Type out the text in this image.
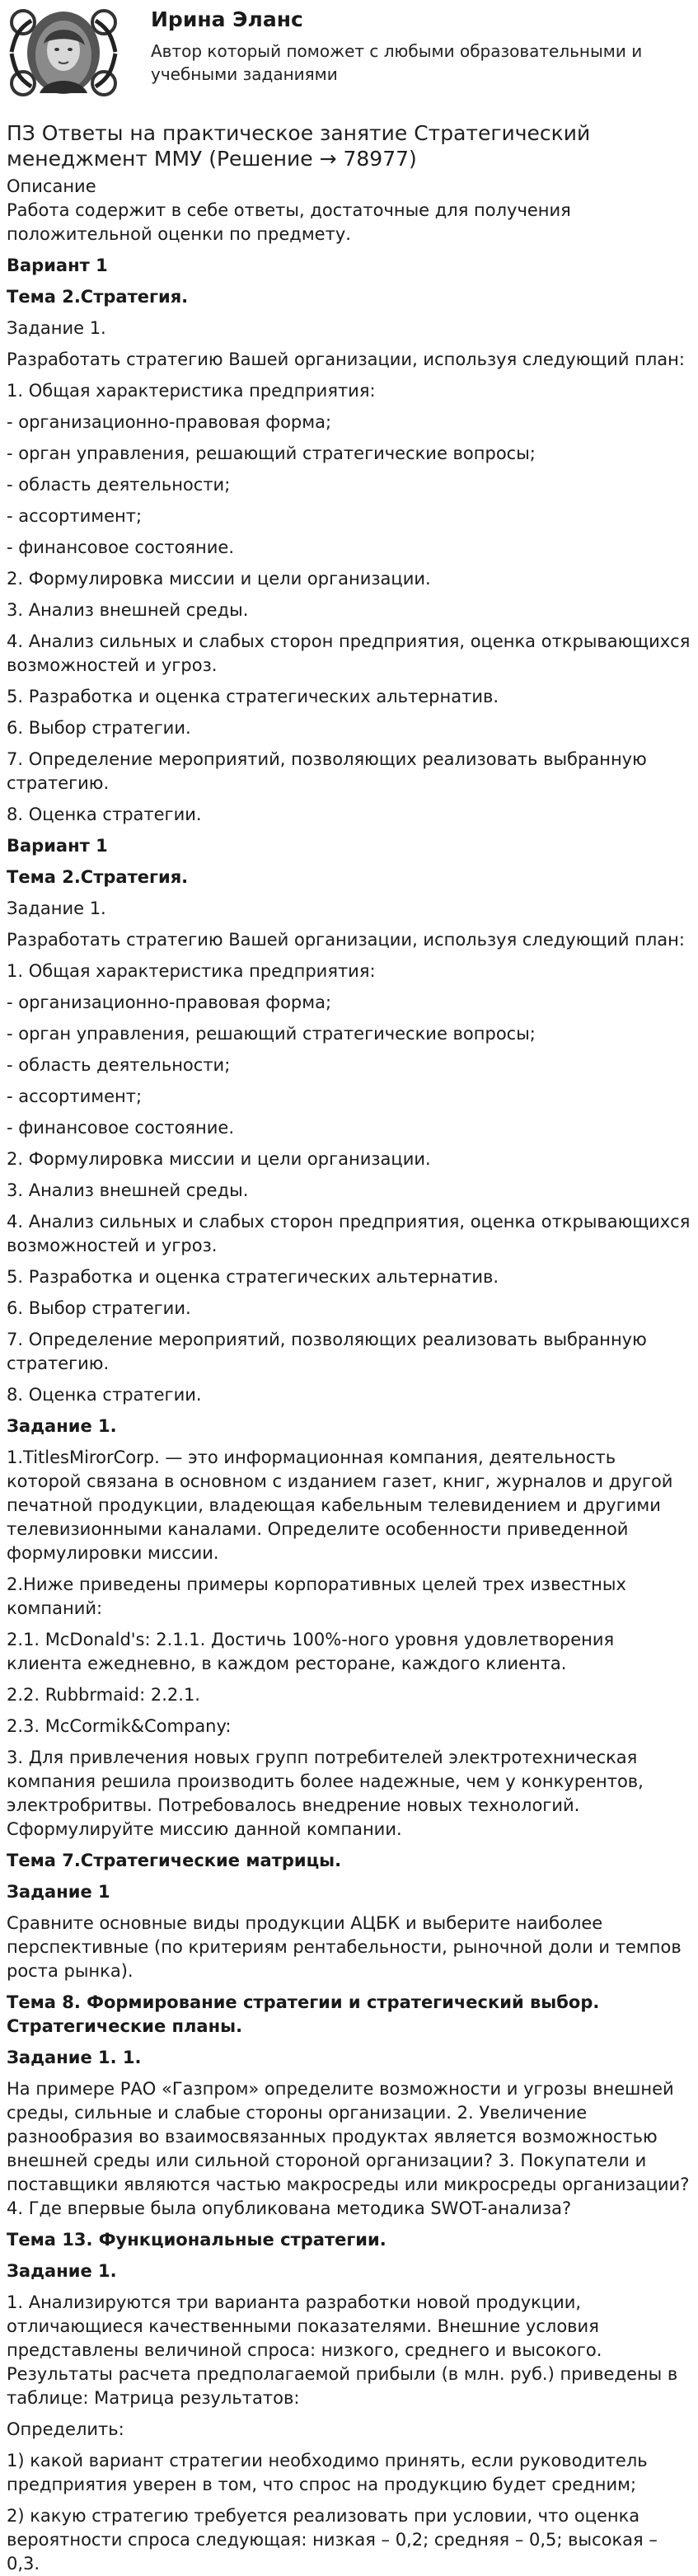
Ирина Эланс
Автор который поможет с любыми образовательными и учебными заданиями
ПЗ Ответы на практическое занятие Стратегический менеджмент ММУ (Решение → 78977)
Описание
Работа содержит в себе ответы, достаточные для получения положительной оценки по предмету.
Вариант 1
Тема 2.Стратегия.
Задание 1.
Разработать стратегию Вашей организации, используя следующий план:
1. Общая характеристика предприятия:
- организационно-правовая форма;
- орган управления, решающий стратегические вопросы;
- область деятельности;
- ассортимент;
- финансовое состояние.
2. Формулировка миссии и цели организации.
3. Анализ внешней среды.
4. Анализ сильных и слабых сторон предприятия, оценка открывающихся возможностей и угроз.
5. Разработка и оценка стратегических альтернатив.
6. Выбор стратегии.
7. Определение мероприятий, позволяющих реализовать выбранную стратегию.
8. Оценка стратегии.
Вариант 1
Тема 2.Стратегия.
Задание 1.
Разработать стратегию Вашей организации, используя следующий план:
1. Общая характеристика предприятия:
- организационно-правовая форма;
- орган управления, решающий стратегические вопросы;
- область деятельности;
- ассортимент;
- финансовое состояние.
2. Формулировка миссии и цели организации.
3. Анализ внешней среды.
4. Анализ сильных и слабых сторон предприятия, оценка открывающихся возможностей и угроз.
5. Разработка и оценка стратегических альтернатив.
6. Выбор стратегии.
7. Определение мероприятий, позволяющих реализовать выбранную стратегию.
8. Оценка стратегии.
Задание 1.
1.TitlesMirorCorp. — это информационная компания, деятельность которой связана в основном с изданием газет, книг, журналов и другой печатной продукции, владеющая кабельным телевидением и другими телевизионными каналами. Определите особенности приведенной формулировки миссии.
2.Ниже приведены примеры корпоративных целей трех известных компаний:
2.1. McDonald's: 2.1.1. Достичь 100%-ного уровня удовлетворения клиента ежедневно, в каждом ресторане, каждого клиента.
2.2. Rubbrmaid: 2.2.1.
2.3. McCormik&Company:
3. Для привлечения новых групп потребителей электротехническая компания решила производить более надежные, чем у конкурентов, электробритвы. Потребовалось внедрение новых технологий. Сформулируйте миссию данной компании.
Тема 7.Стратегические матрицы.
Задание 1
Сравните основные виды продукции АЦБК и выберите наиболее перспективные (по критериям рентабельности, рыночной доли и темпов роста рынка).
Тема 8. Формирование стратегии и стратегический выбор. Стратегические планы.
Задание 1. 1.
На примере РАО «Газпром» определите возможности и угрозы внешней среды, сильные и слабые стороны организации. 2. Увеличение разнообразия во взаимосвязанных продуктах является возможностью внешней среды или сильной стороной организации? 3. Покупатели и поставщики являются частью макросреды или микросреды организации? 4. Где впервые была опубликована методика SWOT-анализа?
Тема 13. Функциональные стратегии.
Задание 1.
1. Анализируются три варианта разработки новой продукции, отличающиеся качественными показателями. Внешние условия представлены величиной спроса: низкого, среднего и высокого. Результаты расчета предполагаемой прибыли (в млн. руб.) приведены в таблице: Матрица результатов:
Определить:
1) какой вариант стратегии необходимо принять, если руководитель предприятия уверен в том, что спрос на продукцию будет средним;
2) какую стратегию требуется реализовать при условии, что оценка вероятности спроса следующая: низкая – 0,2; средняя – 0,5; высокая – 0,3.
